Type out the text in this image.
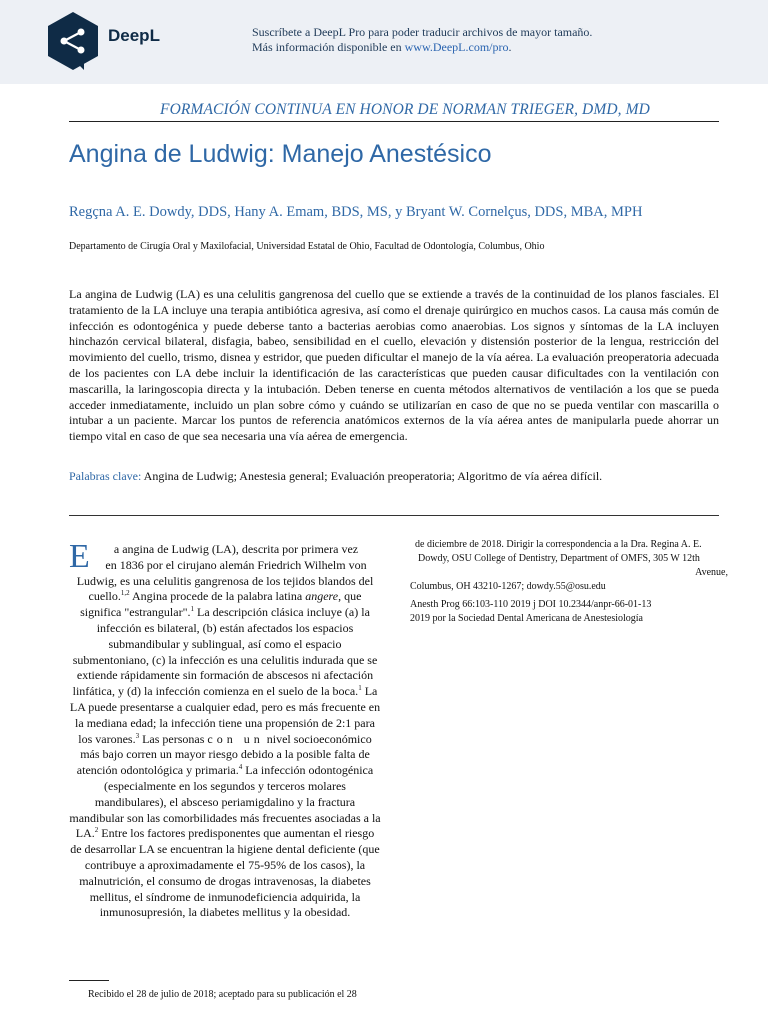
DeepL	Suscríbete a DeepL Pro para poder traducir archivos de mayor tamaño.
Más información disponible en www.DeepL.com/pro.
FORMACIÓN CONTINUA EN HONOR DE NORMAN TRIEGER, DMD, MD
Angina de Ludwig: Manejo Anestésico
Regçna A. E. Dowdy, DDS, Hany A. Emam, BDS, MS, y Bryant W. Cornelçus, DDS, MBA, MPH
Departamento de Cirugía Oral y Maxilofacial, Universidad Estatal de Ohio, Facultad de Odontología, Columbus, Ohio
La angina de Ludwig (LA) es una celulitis gangrenosa del cuello que se extiende a través de la continuidad de los planos fasciales. El tratamiento de la LA incluye una terapia antibiótica agresiva, así como el drenaje quirúrgico en muchos casos. La causa más común de infección es odontogénica y puede deberse tanto a bacterias aerobias como anaerobias. Los signos y síntomas de la LA incluyen hinchazón cervical bilateral, disfagia, babeo, sensibilidad en el cuello, elevación y distensión posterior de la lengua, restricción del movimiento del cuello, trismo, disnea y estridor, que pueden dificultar el manejo de la vía aérea. La evaluación preoperatoria adecuada de los pacientes con LA debe incluir la identificación de las características que pueden causar dificultades con la ventilación con mascarilla, la laringoscopia directa y la intubación. Deben tenerse en cuenta métodos alternativos de ventilación a los que se pueda acceder inmediatamente, incluido un plan sobre cómo y cuándo se utilizarían en caso de que no se pueda ventilar con mascarilla o intubar a un paciente. Marcar los puntos de referencia anatómicos externos de la vía aérea antes de manipularla puede ahorrar un tiempo vital en caso de que sea necesaria una vía aérea de emergencia.
Palabras clave: Angina de Ludwig; Anestesia general; Evaluación preoperatoria; Algoritmo de vía aérea difícil.
E	a angina de Ludwig (LA), descrita por primera vez
en 1836 por el cirujano alemán Friedrich Wilhelm von
Ludwig, es una celulitis gangrenosa de los tejidos blandos del cuello.$^{1,2}$ Angina procede de la palabra latina angere, que significa "estrangular".$^1$ La descripción clásica incluye (a) la infección es bilateral, (b) están afectados los espacios submandibular y sublingual, así como el espacio submentoniano, (c) la infección es una celulitis indurada que se extiende rápidamente sin formación de abscesos ni afectación linfática, y (d) la infección comienza en el suelo de la boca.$^1$ La LA puede presentarse a cualquier edad, pero es más frecuente en la mediana edad; la infección tiene una propensión de 2:1 para los varones.$^3$ Las personas con un nivel socioeconómico más bajo corren un mayor riesgo debido a la posible falta de atención odontológica y primaria.$^4$ La infección odontogénica (especialmente en los segundos y terceros molares mandibulares), el absceso periamigdalino y la fractura mandibular son las comorbilidades más frecuentes asociadas a la LA.$^2$ Entre los factores predisponentes que aumentan el riesgo de desarrollar LA se encuentran la higiene dental deficiente (que contribuye a aproximadamente el 75-95% de los casos), la malnutrición, el consumo de drogas intravenosas, la diabetes mellitus, el síndrome de inmunodeficiencia adquirida, la inmunosupresión, la diabetes mellitus y la obesidad.

Recibido el 28 de julio de 2018; aceptado para su publicación el 28
de diciembre de 2018. Dirigir la correspondencia a la Dra. Regina A. E.
Dowdy, OSU College of Dentistry, Department of OMFS, 305 W 12th
Avenue,
Columbus, OH 43210-1267; dowdy.55@osu.edu
Anesth Prog 66:103-110 2019 j DOI 10.2344/anpr-66-01-13
2019 por la Sociedad Dental Americana de Anestesiología
